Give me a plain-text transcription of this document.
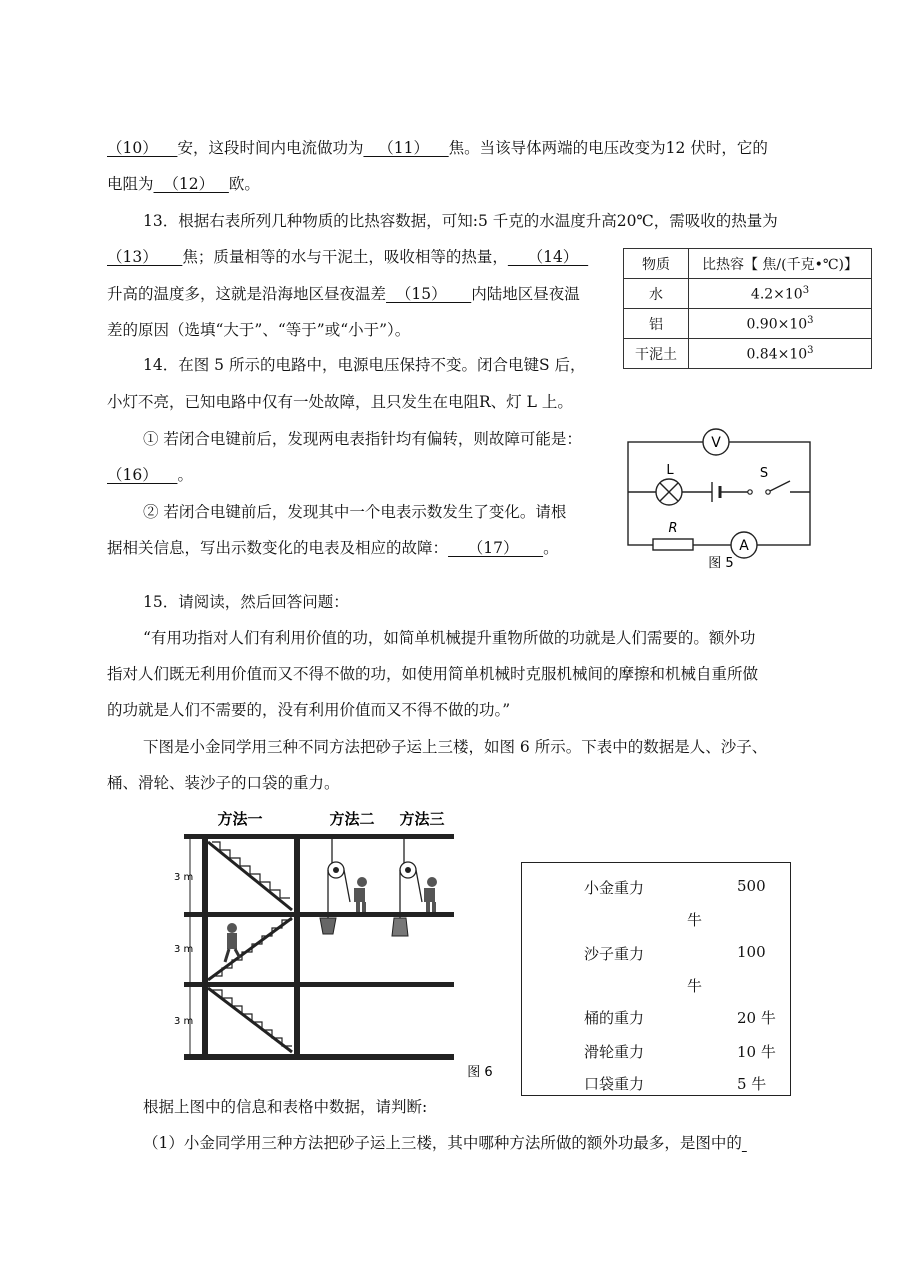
（10）    安，这段时间内电流做功为   （11）    焦。当该导体两端的电压改变为12 伏时，它的
电阻为  （12）   欧。
13．根据右表所列几种物质的比热容数据，可知:5 千克的水温度升高20℃，需吸收的热量为
（13）     焦；质量相等的水与干泥土，吸收相等的热量，    （14）
升高的温度多，这就是沿海地区昼夜温差  （15）     内陆地区昼夜温
差的原因（选填“大于”、“等于”或“小于”）。
物质	比热容【 焦/(千克•℃)】
水	$4.2\times 10^3$
铝	$0.90\times 10^3$
干泥土	$0.84\times 10^3$
14．在图 5 所示的电路中，电源电压保持不变。闭合电键S 后，
小灯不亮，已知电路中仅有一处故障，且只发生在电阻R、灯 L 上。
① 若闭合电键前后，发现两电表指针均有偏转，则故障可能是：
（16）    。
② 若闭合电键前后，发现其中一个电表示数发生了变化。请根
据相关信息，写出示数变化的电表及相应的故障：    （17）     。
V
L	S
R
A
图 5
15．请阅读，然后回答问题：
“有用功指对人们有利用价值的功，如简单机械提升重物所做的功就是人们需要的。额外功
指对人们既无利用价值而又不得不做的功，如使用简单机械时克服机械间的摩擦和机械自重所做
的功就是人们不需要的，没有利用价值而又不得不做的功。”
下图是小金同学用三种不同方法把砂子运上三楼，如图 6 所示。下表中的数据是人、沙子、
桶、滑轮、装沙子的口袋的重力。
方法一	方法二 方法三
3 m
3 m
3 m
图 6
小金重力	500
牛
沙子重力	100
牛
桶的重力	20 牛
滑轮重力	10 牛
口袋重力	5 牛
根据上图中的信息和表格中数据，请判断:
（1）小金同学用三种方法把砂子运上三楼，其中哪种方法所做的额外功最多，是图中的
